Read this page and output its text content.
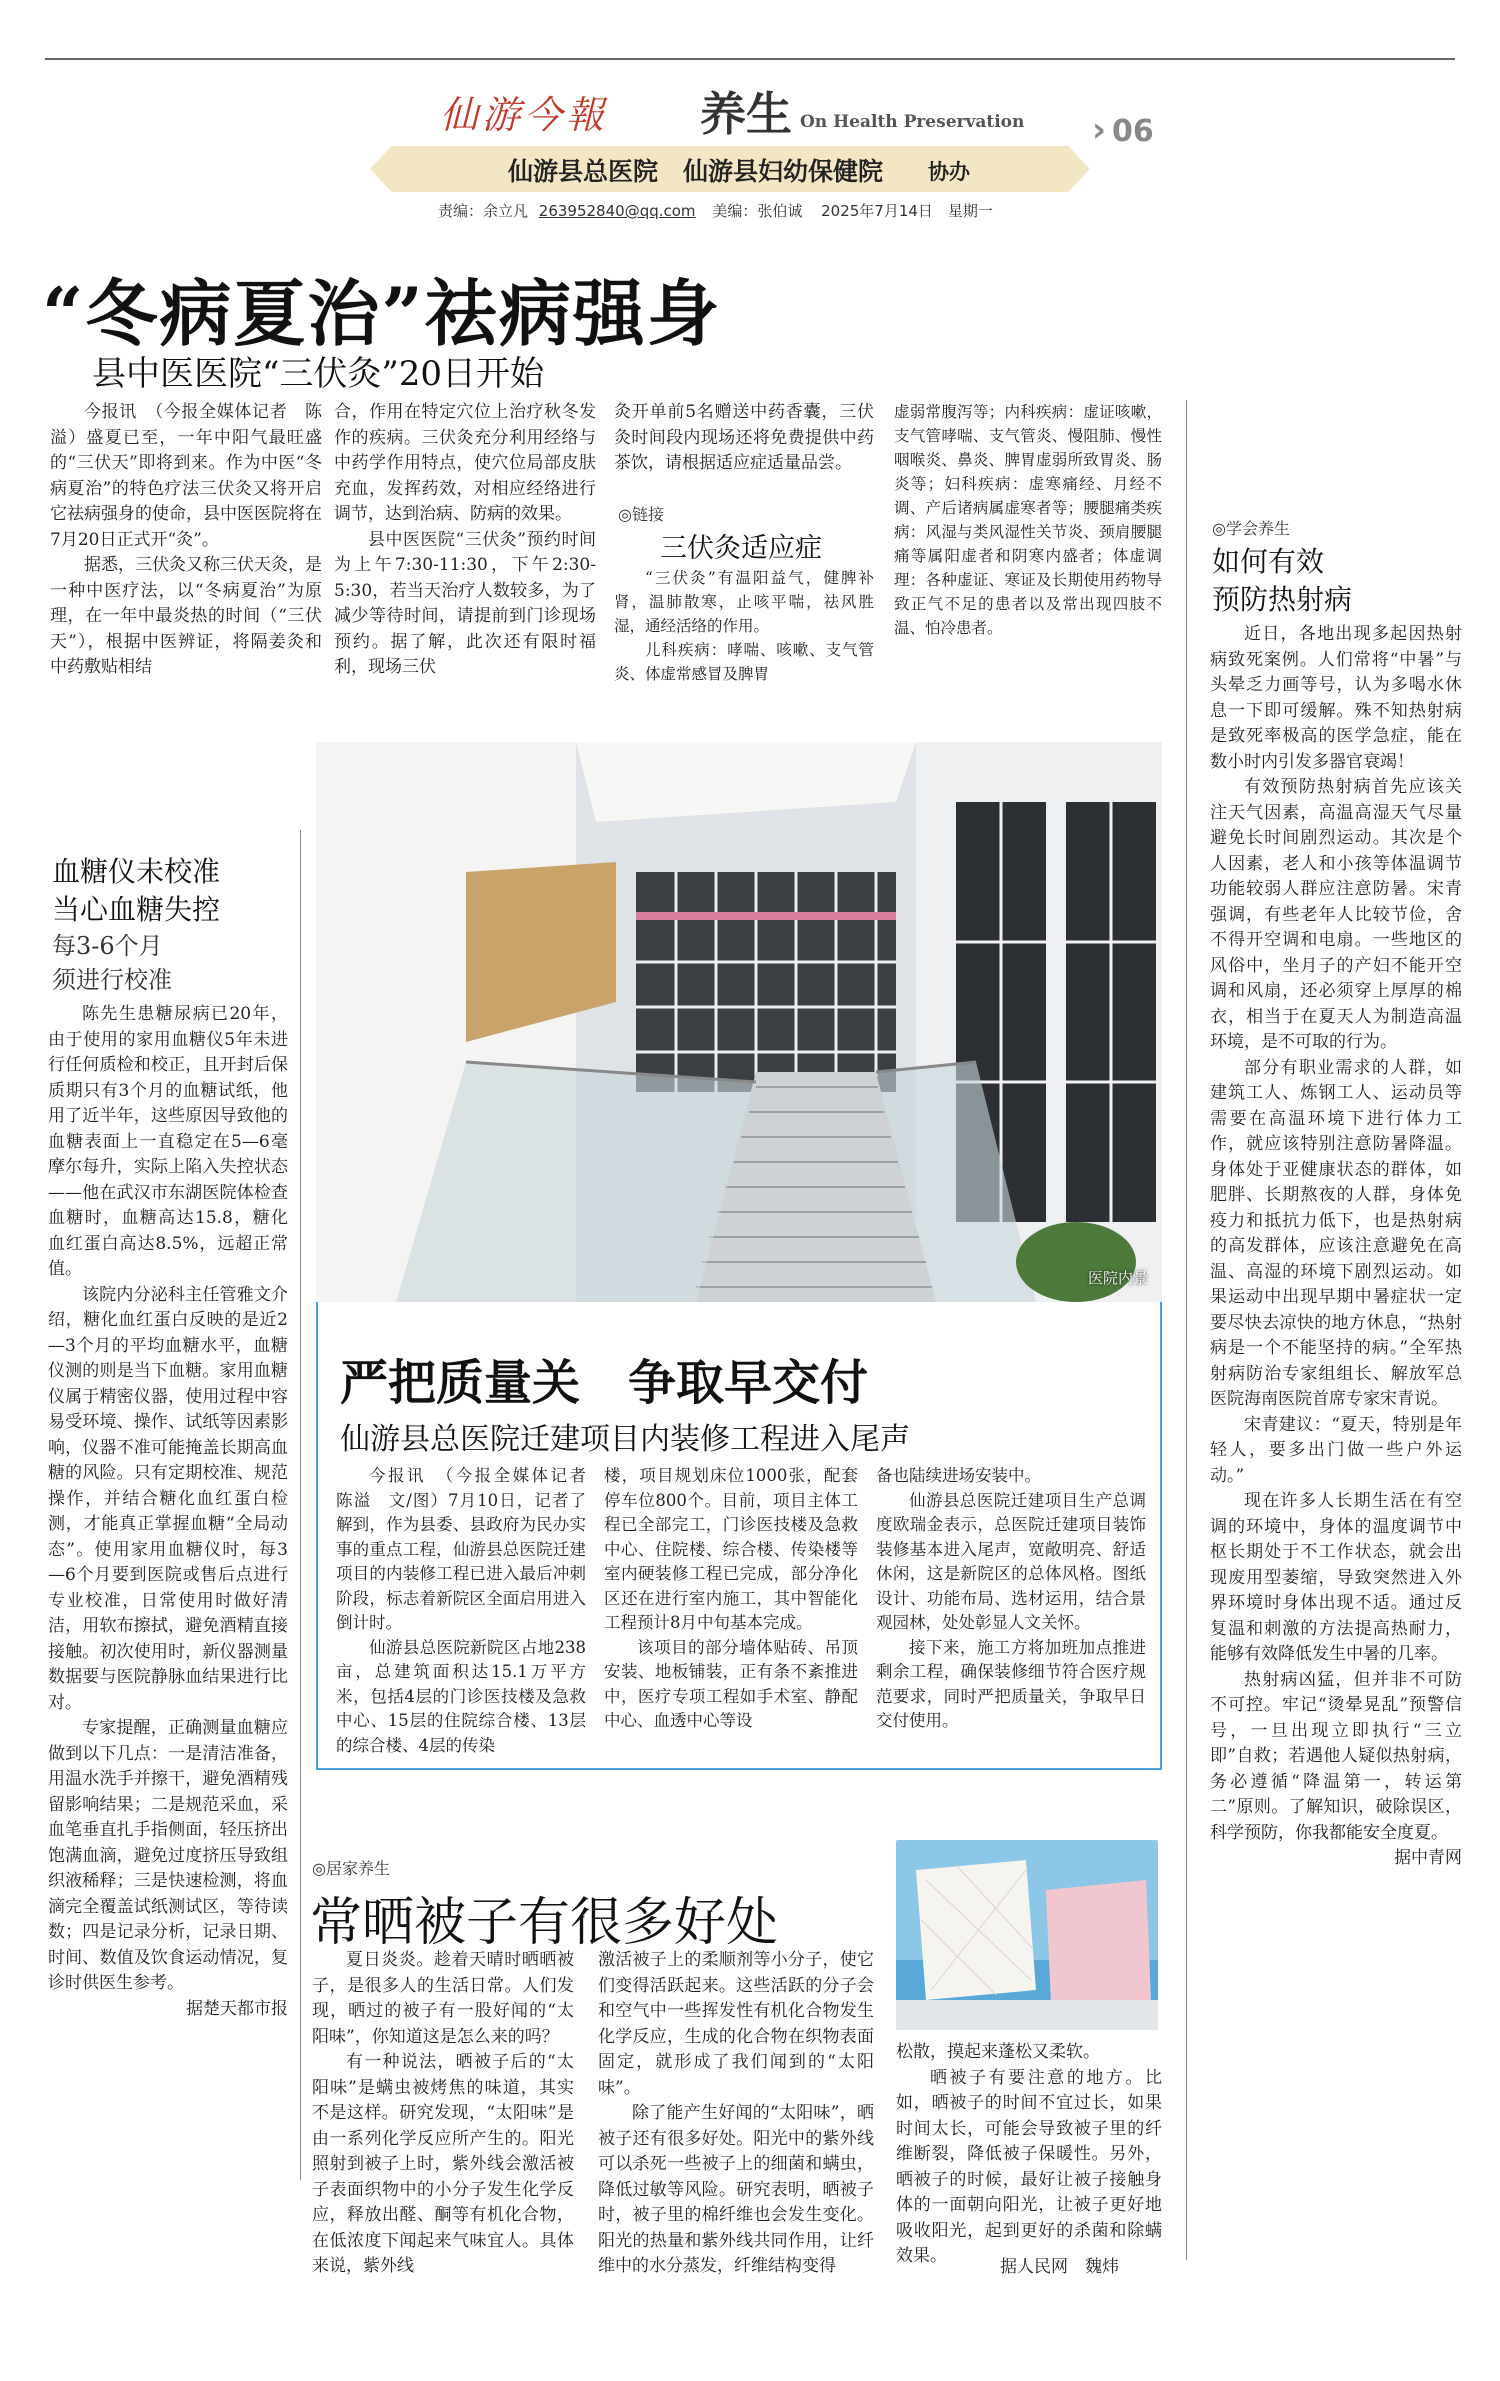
仙游今報 养生 On Health Preservation › 06
仙游县总医院　仙游县妇幼保健院 协办
责编：余立凡 263952840@qq.com 美编：张伯诚 2025年7月14日　星期一
“冬病夏治”祛病强身
县中医医院“三伏灸”20日开始

今报讯　（今报全媒体记者　陈溢）盛夏已至，一年中阳气最旺盛的“三伏天”即将到来。作为中医“冬病夏治”的特色疗法三伏灸又将开启它祛病强身的使命，县中医医院将在7月20日正式开“灸”。

据悉，三伏灸又称三伏天灸，是一种中医疗法，以“冬病夏治”为原理，在一年中最炎热的时间（“三伏天”），根据中医辨证，将隔姜灸和中药敷贴相结

合，作用在特定穴位上治疗秋冬发作的疾病。三伏灸充分利用经络与中药学作用特点，使穴位局部皮肤充血，发挥药效，对相应经络进行调节，达到治病、防病的效果。

县中医医院“三伏灸”预约时间为上午7:30-11:30，下午2:30-5:30，若当天治疗人数较多，为了减少等待时间，请提前到门诊现场预约。据了解，此次还有限时福利，现场三伏

灸开单前5名赠送中药香囊，三伏灸时间段内现场还将免费提供中药茶饮，请根据适应症适量品尝。

◎链接
三伏灸适应症

“三伏灸”有温阳益气，健脾补肾，温肺散寒，止咳平喘，祛风胜湿，通经活络的作用。

儿科疾病：哮喘、咳嗽、支气管炎、体虚常感冒及脾胃

虚弱常腹泻等；内科疾病：虚证咳嗽，支气管哮喘、支气管炎、慢阻肺、慢性咽喉炎、鼻炎、脾胃虚弱所致胃炎、肠炎等；妇科疾病：虚寒痛经、月经不调、产后诸病属虚寒者等；腰腿痛类疾病：风湿与类风湿性关节炎、颈肩腰腿痛等属阳虚者和阴寒内盛者；体虚调理：各种虚证、寒证及长期使用药物导致正气不足的患者以及常出现四肢不温、怕冷患者。

◎学会养生
如何有效
预防热射病

近日，各地出现多起因热射病致死案例。人们常将“中暑”与头晕乏力画等号，认为多喝水休息一下即可缓解。殊不知热射病是致死率极高的医学急症，能在数小时内引发多器官衰竭！

有效预防热射病首先应该关注天气因素，高温高湿天气尽量避免长时间剧烈运动。其次是个人因素，老人和小孩等体温调节功能较弱人群应注意防暑。宋青强调，有些老年人比较节俭，舍不得开空调和电扇。一些地区的风俗中，坐月子的产妇不能开空调和风扇，还必须穿上厚厚的棉衣，相当于在夏天人为制造高温环境，是不可取的行为。

部分有职业需求的人群，如建筑工人、炼钢工人、运动员等需要在高温环境下进行体力工作，就应该特别注意防暑降温。身体处于亚健康状态的群体，如肥胖、长期熬夜的人群，身体免疫力和抵抗力低下，也是热射病的高发群体，应该注意避免在高温、高湿的环境下剧烈运动。如果运动中出现早期中暑症状一定要尽快去凉快的地方休息，“热射病是一个不能坚持的病。”全军热射病防治专家组组长、解放军总医院海南医院首席专家宋青说。

宋青建议：“夏天，特别是年轻人，要多出门做一些户外运动。”

现在许多人长期生活在有空调的环境中，身体的温度调节中枢长期处于不工作状态，就会出现废用型萎缩，导致突然进入外界环境时身体出现不适。通过反复温和刺激的方法提高热耐力，能够有效降低发生中暑的几率。

热射病凶猛，但并非不可防不可控。牢记“烫晕晃乱”预警信号，一旦出现立即执行“三立即”自救；若遇他人疑似热射病，务必遵循“降温第一，转运第二”原则。了解知识，破除误区，科学预防，你我都能安全度夏。

据中青网

医院内景
严把质量关　争取早交付
仙游县总医院迁建项目内装修工程进入尾声

今报讯　（今报全媒体记者　陈溢　文/图）7月10日，记者了解到，作为县委、县政府为民办实事的重点工程，仙游县总医院迁建项目的内装修工程已进入最后冲刺阶段，标志着新院区全面启用进入倒计时。

仙游县总医院新院区占地238亩，总建筑面积达15.1万平方米，包括4层的门诊医技楼及急救中心、15层的住院综合楼、13层的综合楼、4层的传染

楼，项目规划床位1000张，配套停车位800个。目前，项目主体工程已全部完工，门诊医技楼及急救中心、住院楼、综合楼、传染楼等室内硬装修工程已完成，部分净化区还在进行室内施工，其中智能化工程预计8月中旬基本完成。

该项目的部分墙体贴砖、吊顶安装、地板铺装，正有条不紊推进中，医疗专项工程如手术室、静配中心、血透中心等设

备也陆续进场安装中。

仙游县总医院迁建项目生产总调度欧瑞金表示，总医院迁建项目装饰装修基本进入尾声，宽敞明亮、舒适休闲，这是新院区的总体风格。图纸设计、功能布局、选材运用，结合景观园林，处处彰显人文关怀。

接下来，施工方将加班加点推进剩余工程，确保装修细节符合医疗规范要求，同时严把质量关，争取早日交付使用。

血糖仪未校准
当心血糖失控
每3-6个月
须进行校准

陈先生患糖尿病已20年，由于使用的家用血糖仪5年未进行任何质检和校正，且开封后保质期只有3个月的血糖试纸，他用了近半年，这些原因导致他的血糖表面上一直稳定在5—6毫摩尔每升，实际上陷入失控状态——他在武汉市东湖医院体检查血糖时，血糖高达15.8，糖化血红蛋白高达8.5%，远超正常值。

该院内分泌科主任管雅文介绍，糖化血红蛋白反映的是近2—3个月的平均血糖水平，血糖仪测的则是当下血糖。家用血糖仪属于精密仪器，使用过程中容易受环境、操作、试纸等因素影响，仪器不准可能掩盖长期高血糖的风险。只有定期校准、规范操作，并结合糖化血红蛋白检测，才能真正掌握血糖“全局动态”。使用家用血糖仪时，每3—6个月要到医院或售后点进行专业校准，日常使用时做好清洁，用软布擦拭，避免酒精直接接触。初次使用时，新仪器测量数据要与医院静脉血结果进行比对。

专家提醒，正确测量血糖应做到以下几点：一是清洁准备，用温水洗手并擦干，避免酒精残留影响结果；二是规范采血，采血笔垂直扎手指侧面，轻压挤出饱满血滴，避免过度挤压导致组织液稀释；三是快速检测，将血滴完全覆盖试纸测试区，等待读数；四是记录分析，记录日期、时间、数值及饮食运动情况，复诊时供医生参考。

据楚天都市报

◎居家养生
常晒被子有很多好处

夏日炎炎。趁着天晴时晒晒被子，是很多人的生活日常。人们发现，晒过的被子有一股好闻的“太阳味”，你知道这是怎么来的吗？

有一种说法，晒被子后的“太阳味”是螨虫被烤焦的味道，其实不是这样。研究发现，“太阳味”是由一系列化学反应所产生的。阳光照射到被子上时，紫外线会激活被子表面织物中的小分子发生化学反应，释放出醛、酮等有机化合物，在低浓度下闻起来气味宜人。具体来说，紫外线

激活被子上的柔顺剂等小分子，使它们变得活跃起来。这些活跃的分子会和空气中一些挥发性有机化合物发生化学反应，生成的化合物在织物表面固定，就形成了我们闻到的“太阳味”。

除了能产生好闻的“太阳味”，晒被子还有很多好处。阳光中的紫外线可以杀死一些被子上的细菌和螨虫，降低过敏等风险。研究表明，晒被子时，被子里的棉纤维也会发生变化。阳光的热量和紫外线共同作用，让纤维中的水分蒸发，纤维结构变得

松散，摸起来蓬松又柔软。

晒被子有要注意的地方。比如，晒被子的时间不宜过长，如果时间太长，可能会导致被子里的纤维断裂，降低被子保暖性。另外，晒被子的时候，最好让被子接触身体的一面朝向阳光，让被子更好地吸收阳光，起到更好的杀菌和除螨效果。

据人民网　魏炜
